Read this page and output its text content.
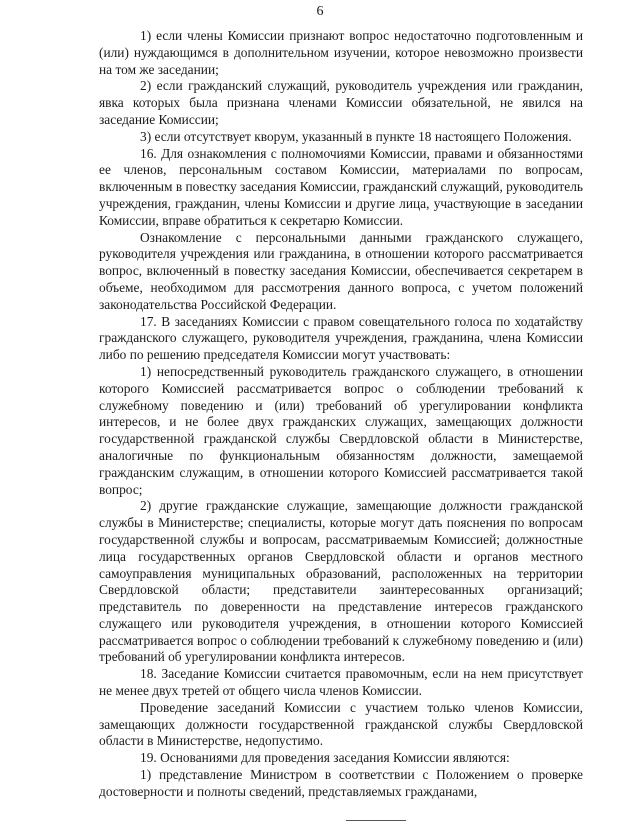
6

1) если члены Комиссии признают вопрос недостаточно подготовленным и (или) нуждающимся в дополнительном изучении, которое невозможно произвести на том же заседании;

2) если гражданский служащий, руководитель учреждения или гражданин, явка которых была признана членами Комиссии обязательной, не явился на заседание Комиссии;

3) если отсутствует кворум, указанный в пункте 18 настоящего Положения.

16. Для ознакомления с полномочиями Комиссии, правами и обязанностями ее членов, персональным составом Комиссии, материалами по вопросам, включенным в повестку заседания Комиссии, гражданский служащий, руководитель учреждения, гражданин, члены Комиссии и другие лица, участвующие в заседании Комиссии, вправе обратиться к секретарю Комиссии.

Ознакомление с персональными данными гражданского служащего, руководителя учреждения или гражданина, в отношении которого рассматривается вопрос, включенный в повестку заседания Комиссии, обеспечивается секретарем в объеме, необходимом для рассмотрения данного вопроса, с учетом положений законодательства Российской Федерации.

17. В заседаниях Комиссии с правом совещательного голоса по ходатайству гражданского служащего, руководителя учреждения, гражданина, члена Комиссии либо по решению председателя Комиссии могут участвовать:

1) непосредственный руководитель гражданского служащего, в отношении которого Комиссией рассматривается вопрос о соблюдении требований к служебному поведению и (или) требований об урегулировании конфликта интересов, и не более двух гражданских служащих, замещающих должности государственной гражданской службы Свердловской области в Министерстве, аналогичные по функциональным обязанностям должности, замещаемой гражданским служащим, в отношении которого Комиссией рассматривается такой вопрос;

2) другие гражданские служащие, замещающие должности гражданской службы в Министерстве; специалисты, которые могут дать пояснения по вопросам государственной службы и вопросам, рассматриваемым Комиссией; должностные лица государственных органов Свердловской области и органов местного самоуправления муниципальных образований, расположенных на территории Свердловской области; представители заинтересованных организаций; представитель по доверенности на представление интересов гражданского служащего или руководителя учреждения, в отношении которого Комиссией рассматривается вопрос о соблюдении требований к служебному поведению и (или) требований об урегулировании конфликта интересов.

18. Заседание Комиссии считается правомочным, если на нем присутствует не менее двух третей от общего числа членов Комиссии.

Проведение заседаний Комиссии с участием только членов Комиссии, замещающих должности государственной гражданской службы Свердловской области в Министерстве, недопустимо.

19. Основаниями для проведения заседания Комиссии являются:

1) представление Министром в соответствии с Положением о проверке достоверности и полноты сведений, представляемых гражданами,
